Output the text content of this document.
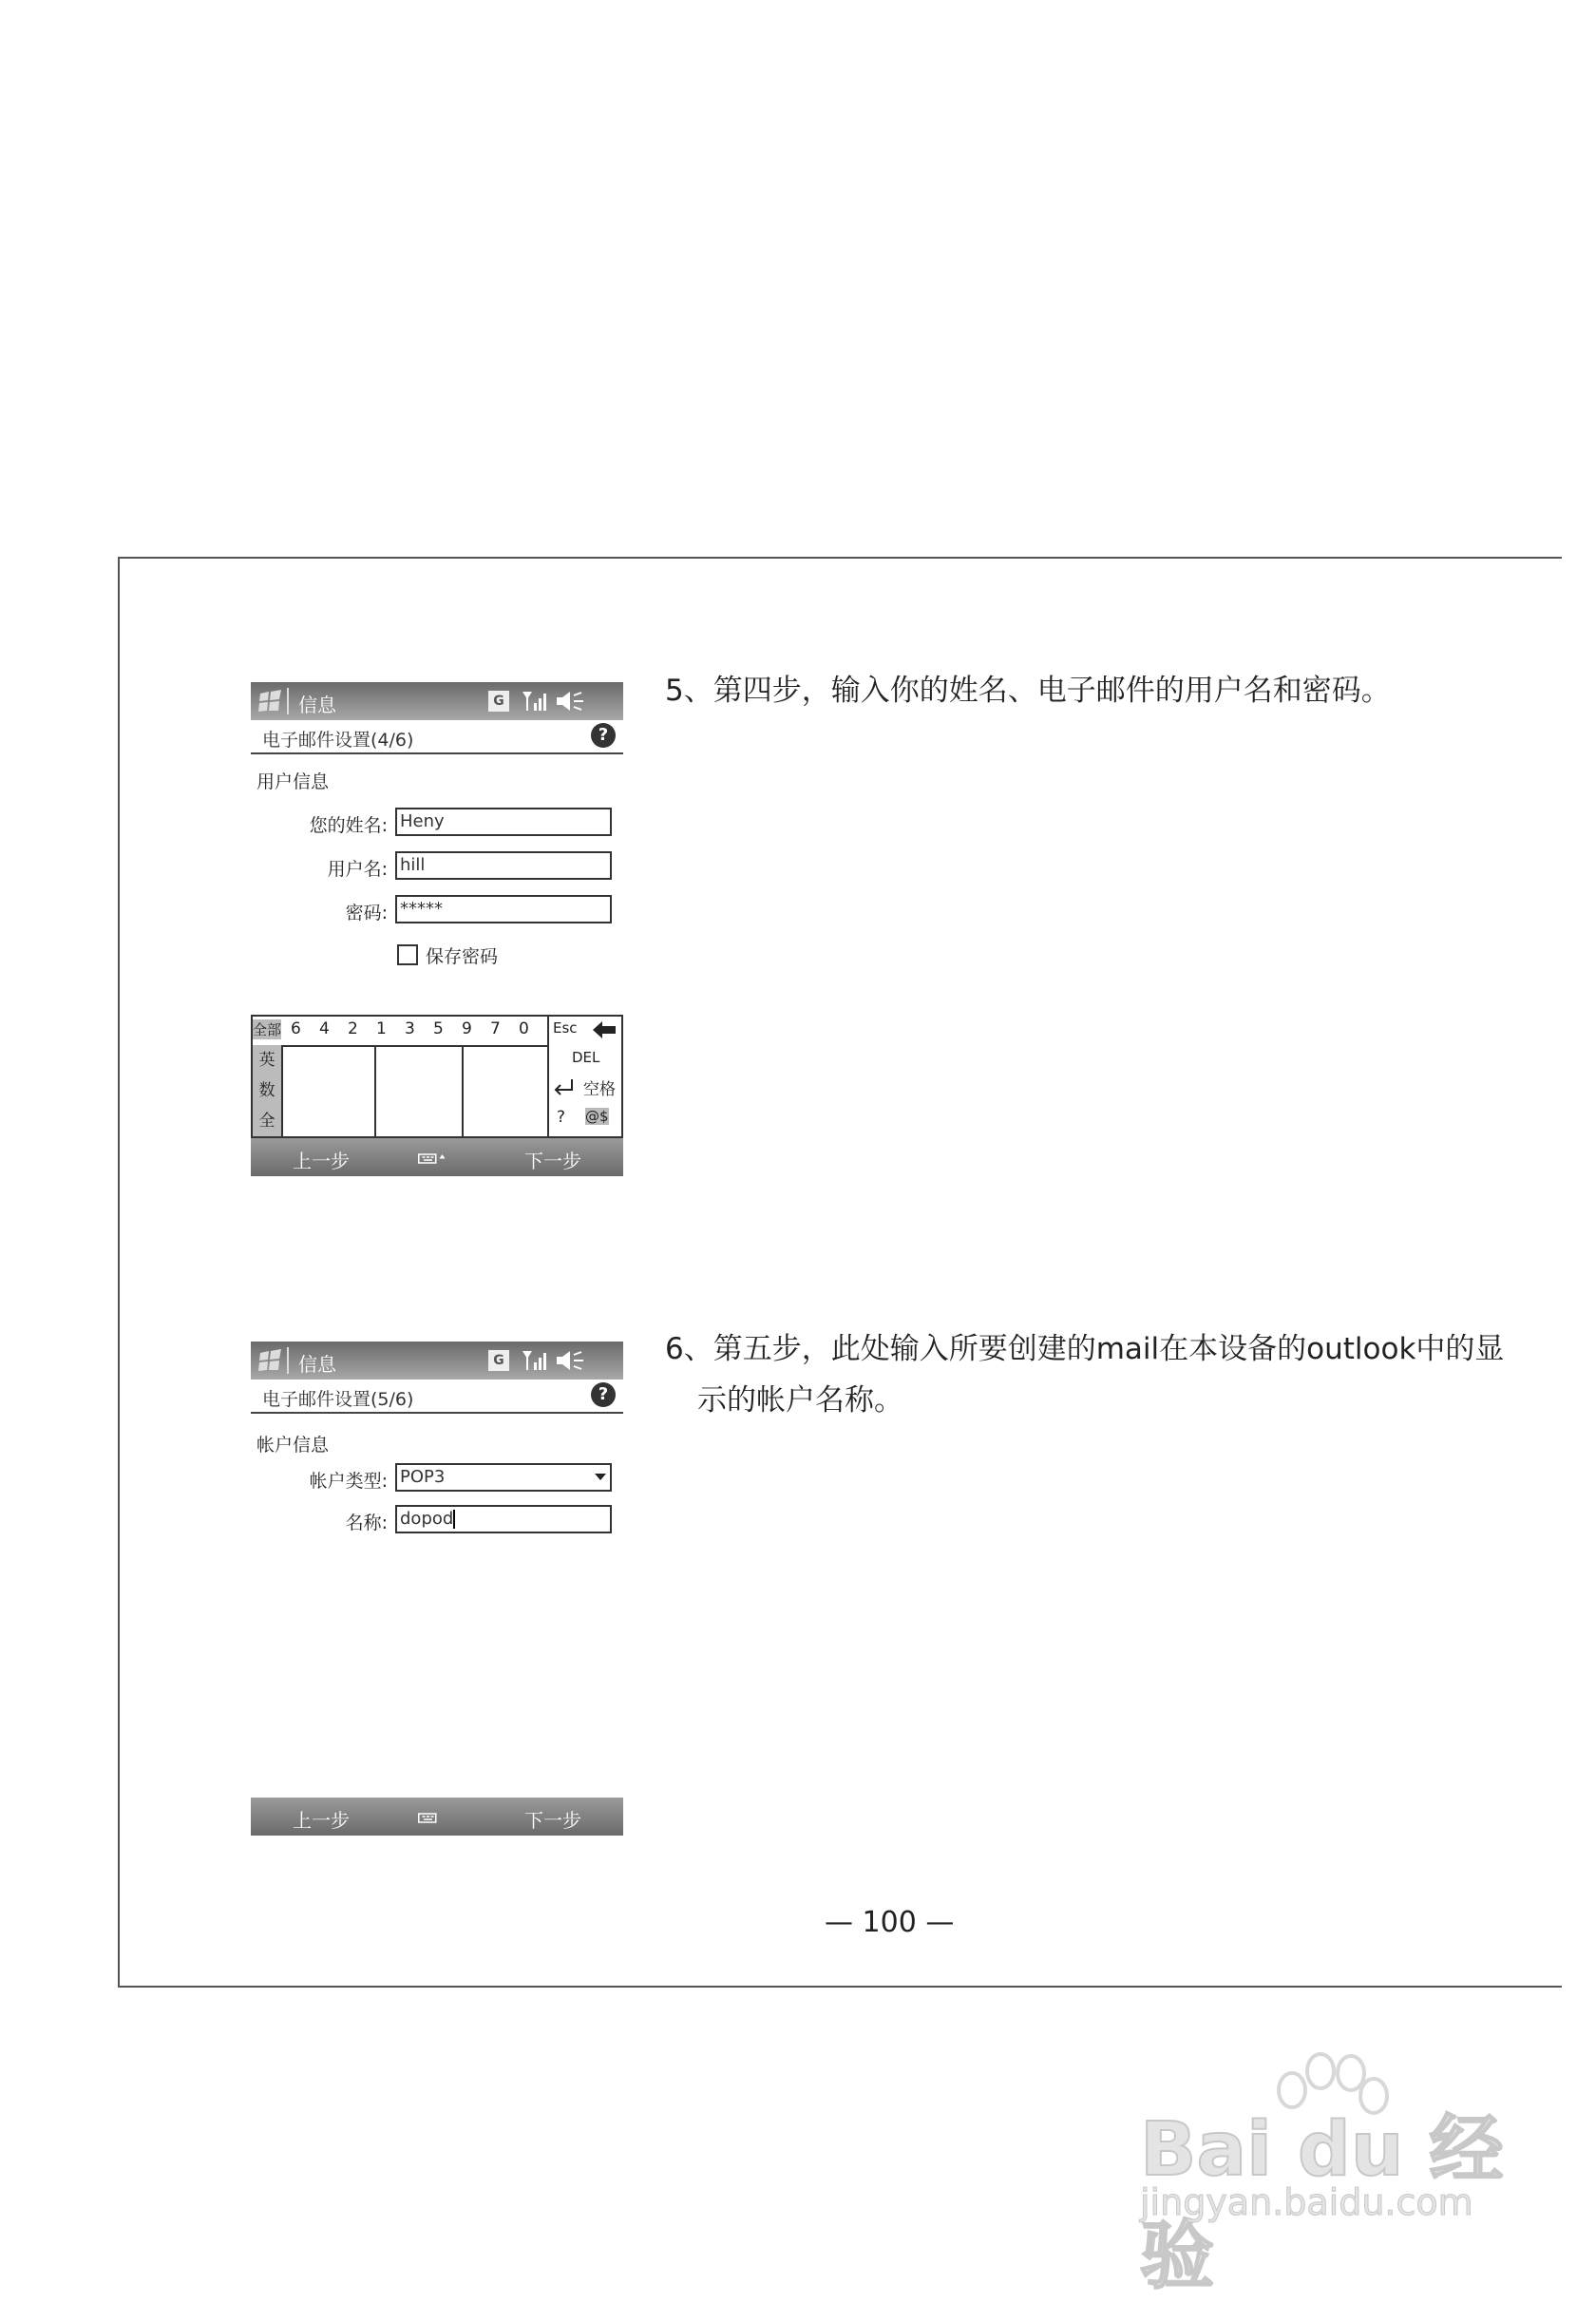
信息	G
电子邮件设置(4/6)	?
用户信息
您的姓名: Heny
用户名: hill
密码: *****
保存密码
全部 6 4 2 1 3 5 9 7 0
英
数
全
Esc
DEL
空格
? @$
上一步	下一步
5、第四步，输入你的姓名、电子邮件的用户名和密码。
信息	G
电子邮件设置(5/6)	?
帐户信息
帐户类型: POP3
名称: dopod
上一步	下一步
6、第五步，此处输入所要创建的mail在本设备的outlook中的显
示的帐户名称。
— 100 —
Bai du 经验
jingyan.baidu.com
